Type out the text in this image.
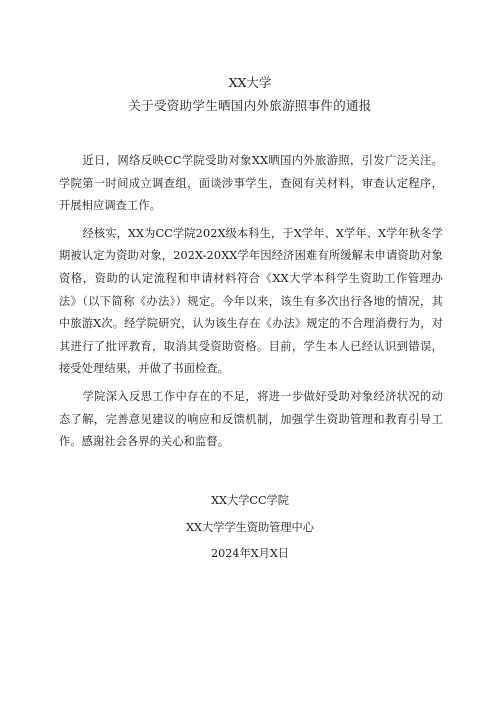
XX大学
关于受资助学生晒国内外旅游照事件的通报

近日，网络反映CC学院受助对象XX晒国内外旅游照，引发广泛关注。学院第一时间成立调查组，面谈涉事学生，查阅有关材料，审查认定程序，开展相应调查工作。

经核实，XX为CC学院202X级本科生，于X学年、X学年、X学年秋冬学期被认定为资助对象，202X-20XX学年因经济困难有所缓解未申请资助对象资格，资助的认定流程和申请材料符合《XX大学本科学生资助工作管理办法》（以下简称《办法》）规定。今年以来，该生有多次出行各地的情况，其中旅游X次。经学院研究，认为该生存在《办法》规定的不合理消费行为，对其进行了批评教育，取消其受资助资格。目前，学生本人已经认识到错误，接受处理结果，并做了书面检查。

学院深入反思工作中存在的不足，将进一步做好受助对象经济状况的动态了解，完善意见建议的响应和反馈机制，加强学生资助管理和教育引导工作。感谢社会各界的关心和监督。

XX大学CC学院
XX大学学生资助管理中心
2024年X月X日
